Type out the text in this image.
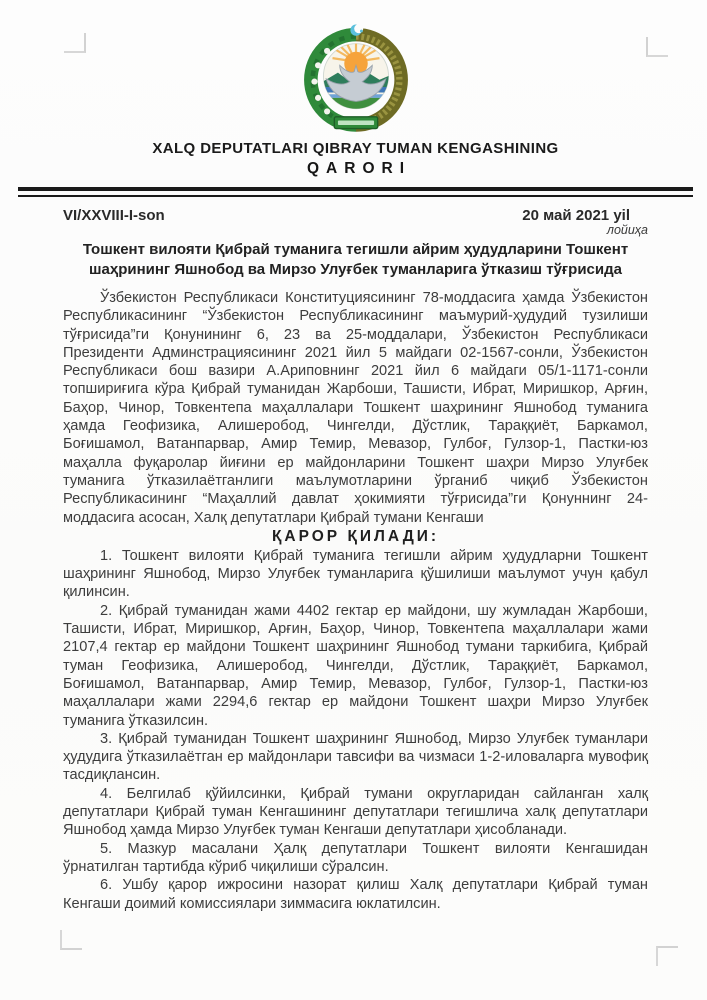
XALQ DEPUTATLARI QIBRAY TUMAN KENGASHINING
QARORI
VI/XXVIII-I-son	20 май 2021 yil
лойиҳа
Тошкент вилояти Қибрай туманига тегишли айрим ҳудудларини Тошкент шаҳрининг Яшнобод ва Мирзо Улуғбек туманларига ўтказиш тўғрисида

Ўзбекистон Республикаси Конституциясининг 78-моддасига ҳамда Ўзбекистон Республикасининг “Ўзбекистон Республикасининг маъмурий-ҳудудий тузилиши тўғрисида”ги Қонунининг 6, 23 ва 25-моддалари, Ўзбекистон Республикаси Президенти Админстрациясининг 2021 йил 5 майдаги 02-1567-сонли, Ўзбекистон Республикаси бош вазири А.Ариповнинг 2021 йил 6 майдаги 05/1-1171-сонли топшириғига кўра Қибрай туманидан Жарбоши, Ташисти, Ибрат, Миришкор, Арғин, Баҳор, Чинор, Товкентепа маҳаллалари Тошкент шаҳрининг Яшнобод туманига ҳамда Геофизика, Алишеробод, Чингелди, Дўстлик, Тараққиёт, Баркамол, Боғишамол, Ватанпарвар, Амир Темир, Мевазор, Гулбоғ, Гулзор-1, Пастки-юз маҳалла фуқаролар йиғини ер майдонларини Тошкент шаҳри Мирзо Улуғбек туманига ўтказилаётганлиги маълумотларини ўрганиб чиқиб Ўзбекистон Республикасининг “Маҳаллий давлат ҳокимияти тўғрисида”ги Қонуннинг 24-моддасига асосан, Халқ депутатлари Қибрай тумани Кенгаши

ҚАРОР ҚИЛАДИ:

1. Тошкент вилояти Қибрай туманига тегишли айрим ҳудудларни Тошкент шаҳрининг Яшнобод, Мирзо Улуғбек туманларига қўшилиши маълумот учун қабул қилинсин.

2. Қибрай туманидан жами 4402 гектар ер майдони, шу жумладан Жарбоши, Ташисти, Ибрат, Миришкор, Арғин, Баҳор, Чинор, Товкентепа маҳаллалари жами 2107,4 гектар ер майдони Тошкент шаҳрининг Яшнобод тумани таркибига, Қибрай туман Геофизика, Алишеробод, Чингелди, Дўстлик, Тараққиёт, Баркамол, Боғишамол, Ватанпарвар, Амир Темир, Мевазор, Гулбоғ, Гулзор-1, Пастки-юз маҳаллалари жами 2294,6 гектар ер майдони Тошкент шаҳри Мирзо Улуғбек туманига ўтказилсин.

3. Қибрай туманидан Тошкент шаҳрининг Яшнобод, Мирзо Улуғбек туманлари ҳудудига ўтказилаётган ер майдонлари тавсифи ва чизмаси 1-2-иловаларга мувофиқ тасдиқлансин.

4. Белгилаб қўйилсинки, Қибрай тумани округларидан сайланган халқ депутатлари Қибрай туман Кенгашининг депутатлари тегишлича халқ депутатлари Яшнобод ҳамда Мирзо Улуғбек туман Кенгаши депутатлари ҳисобланади.

5. Мазкур масалани Ҳалқ депутатлари Тошкент вилояти Кенгашидан ўрнатилган тартибда кўриб чиқилиши сўралсин.

6. Ушбу қарор ижросини назорат қилиш Халқ депутатлари Қибрай туман Кенгаши доимий комиссиялари зиммасига юклатилсин.
